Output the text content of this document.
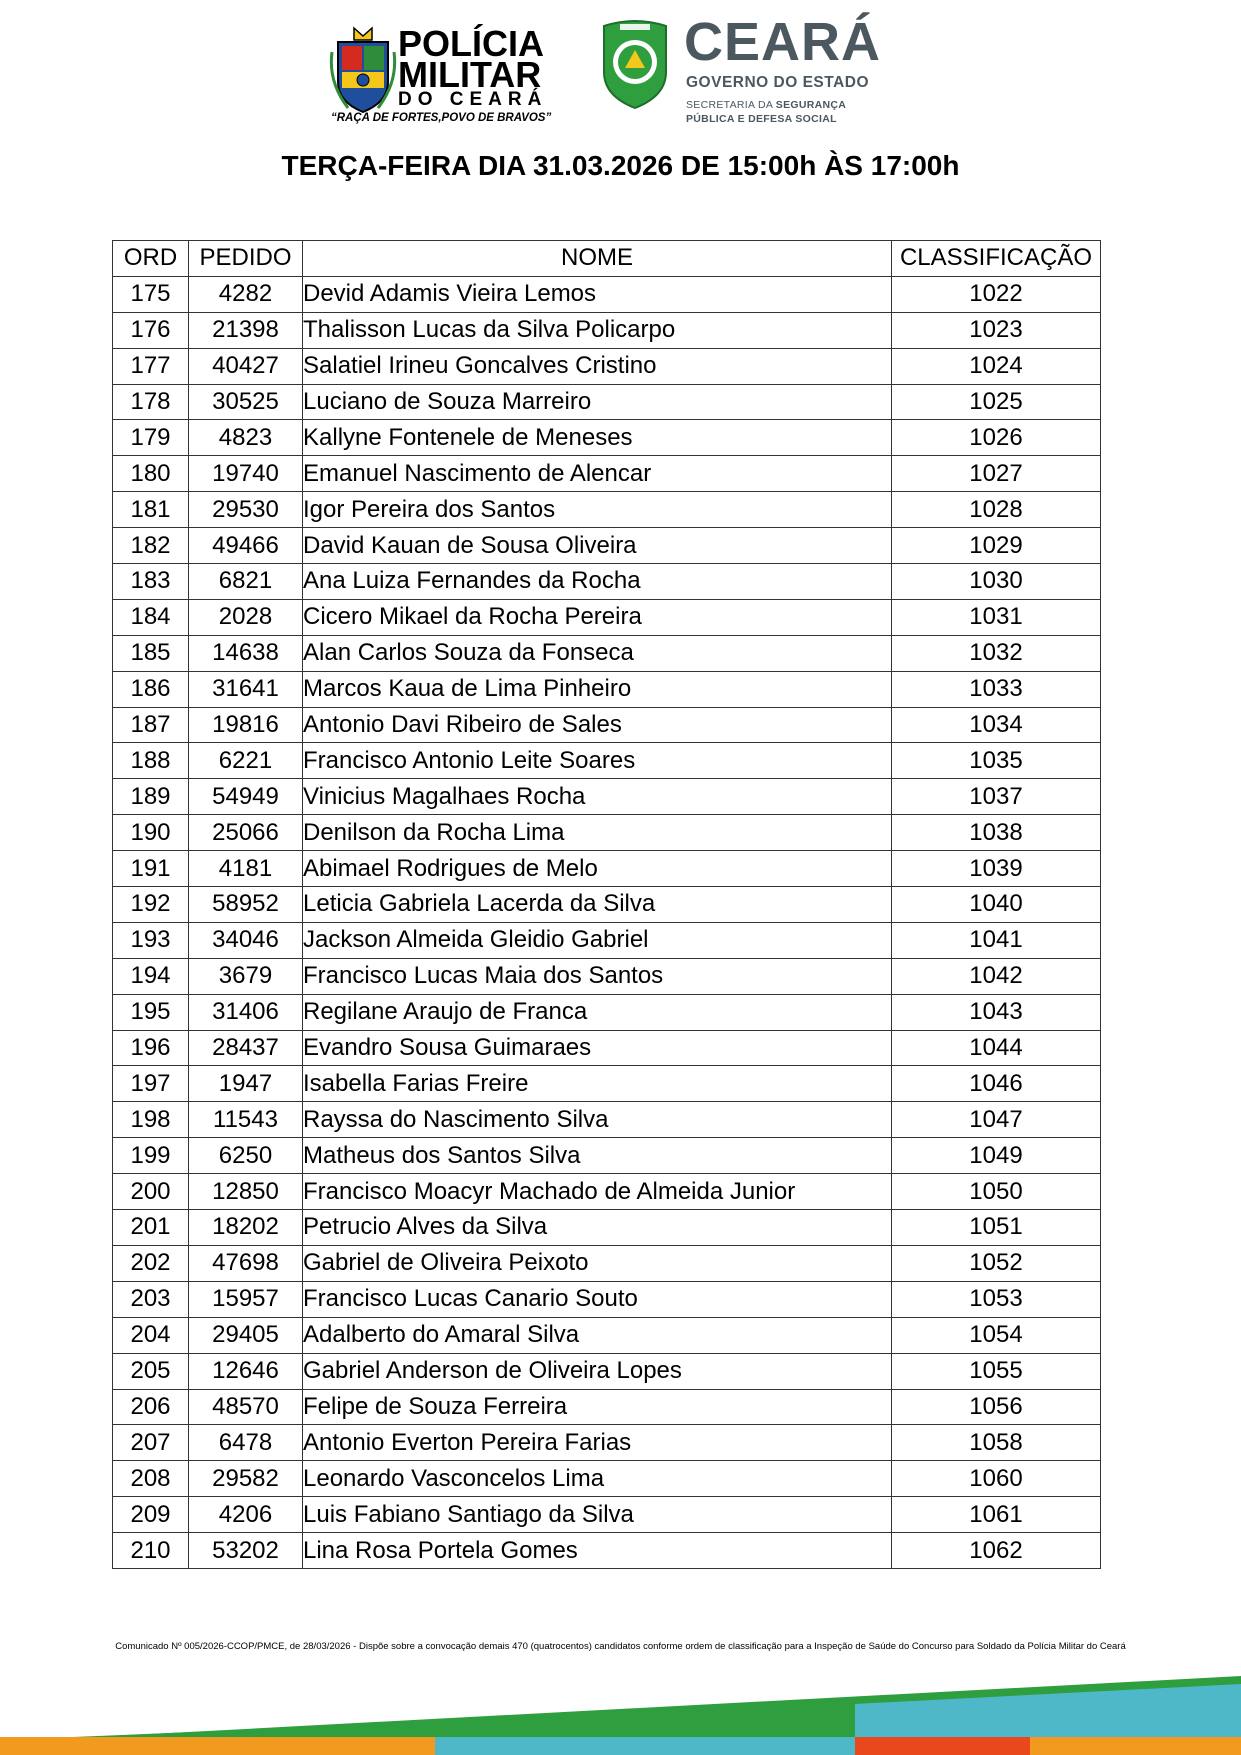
POLÍCIA
MILITAR
DO CEARÁ
“RAÇA DE FORTES,POVO DE BRAVOS”
CEARÁ
GOVERNO DO ESTADO
SECRETARIA DA SEGURANÇA
PÚBLICA E DEFESA SOCIAL
TERÇA-FEIRA DIA 31.03.2026 DE 15:00h ÀS 17:00h
ORD	PEDIDO	NOME	CLASSIFICAÇÃO
175	4282	Devid Adamis Vieira Lemos	1022
176	21398	Thalisson Lucas da Silva Policarpo	1023
177	40427	Salatiel Irineu Goncalves Cristino	1024
178	30525	Luciano de Souza Marreiro	1025
179	4823	Kallyne Fontenele de Meneses	1026
180	19740	Emanuel Nascimento de Alencar	1027
181	29530	Igor Pereira dos Santos	1028
182	49466	David Kauan de Sousa Oliveira	1029
183	6821	Ana Luiza Fernandes da Rocha	1030
184	2028	Cicero Mikael da Rocha Pereira	1031
185	14638	Alan Carlos Souza da Fonseca	1032
186	31641	Marcos Kaua de Lima Pinheiro	1033
187	19816	Antonio Davi Ribeiro de Sales	1034
188	6221	Francisco Antonio Leite Soares	1035
189	54949	Vinicius Magalhaes Rocha	1037
190	25066	Denilson da Rocha Lima	1038
191	4181	Abimael Rodrigues de Melo	1039
192	58952	Leticia Gabriela Lacerda da Silva	1040
193	34046	Jackson Almeida Gleidio Gabriel	1041
194	3679	Francisco Lucas Maia dos Santos	1042
195	31406	Regilane Araujo de Franca	1043
196	28437	Evandro Sousa Guimaraes	1044
197	1947	Isabella Farias Freire	1046
198	11543	Rayssa do Nascimento Silva	1047
199	6250	Matheus dos Santos Silva	1049
200	12850	Francisco Moacyr Machado de Almeida Junior	1050
201	18202	Petrucio Alves da Silva	1051
202	47698	Gabriel de Oliveira Peixoto	1052
203	15957	Francisco Lucas Canario Souto	1053
204	29405	Adalberto do Amaral Silva	1054
205	12646	Gabriel Anderson de Oliveira Lopes	1055
206	48570	Felipe de Souza Ferreira	1056
207	6478	Antonio Everton Pereira Farias	1058
208	29582	Leonardo Vasconcelos Lima	1060
209	4206	Luis Fabiano Santiago da Silva	1061
210	53202	Lina Rosa Portela Gomes	1062
Comunicado Nº 005/2026-CCOP/PMCE, de 28/03/2026 - Dispõe sobre a convocação demais 470 (quatrocentos) candidatos conforme ordem de classificação para a Inspeção de Saúde do Concurso para Soldado da Polícia Militar do Ceará
